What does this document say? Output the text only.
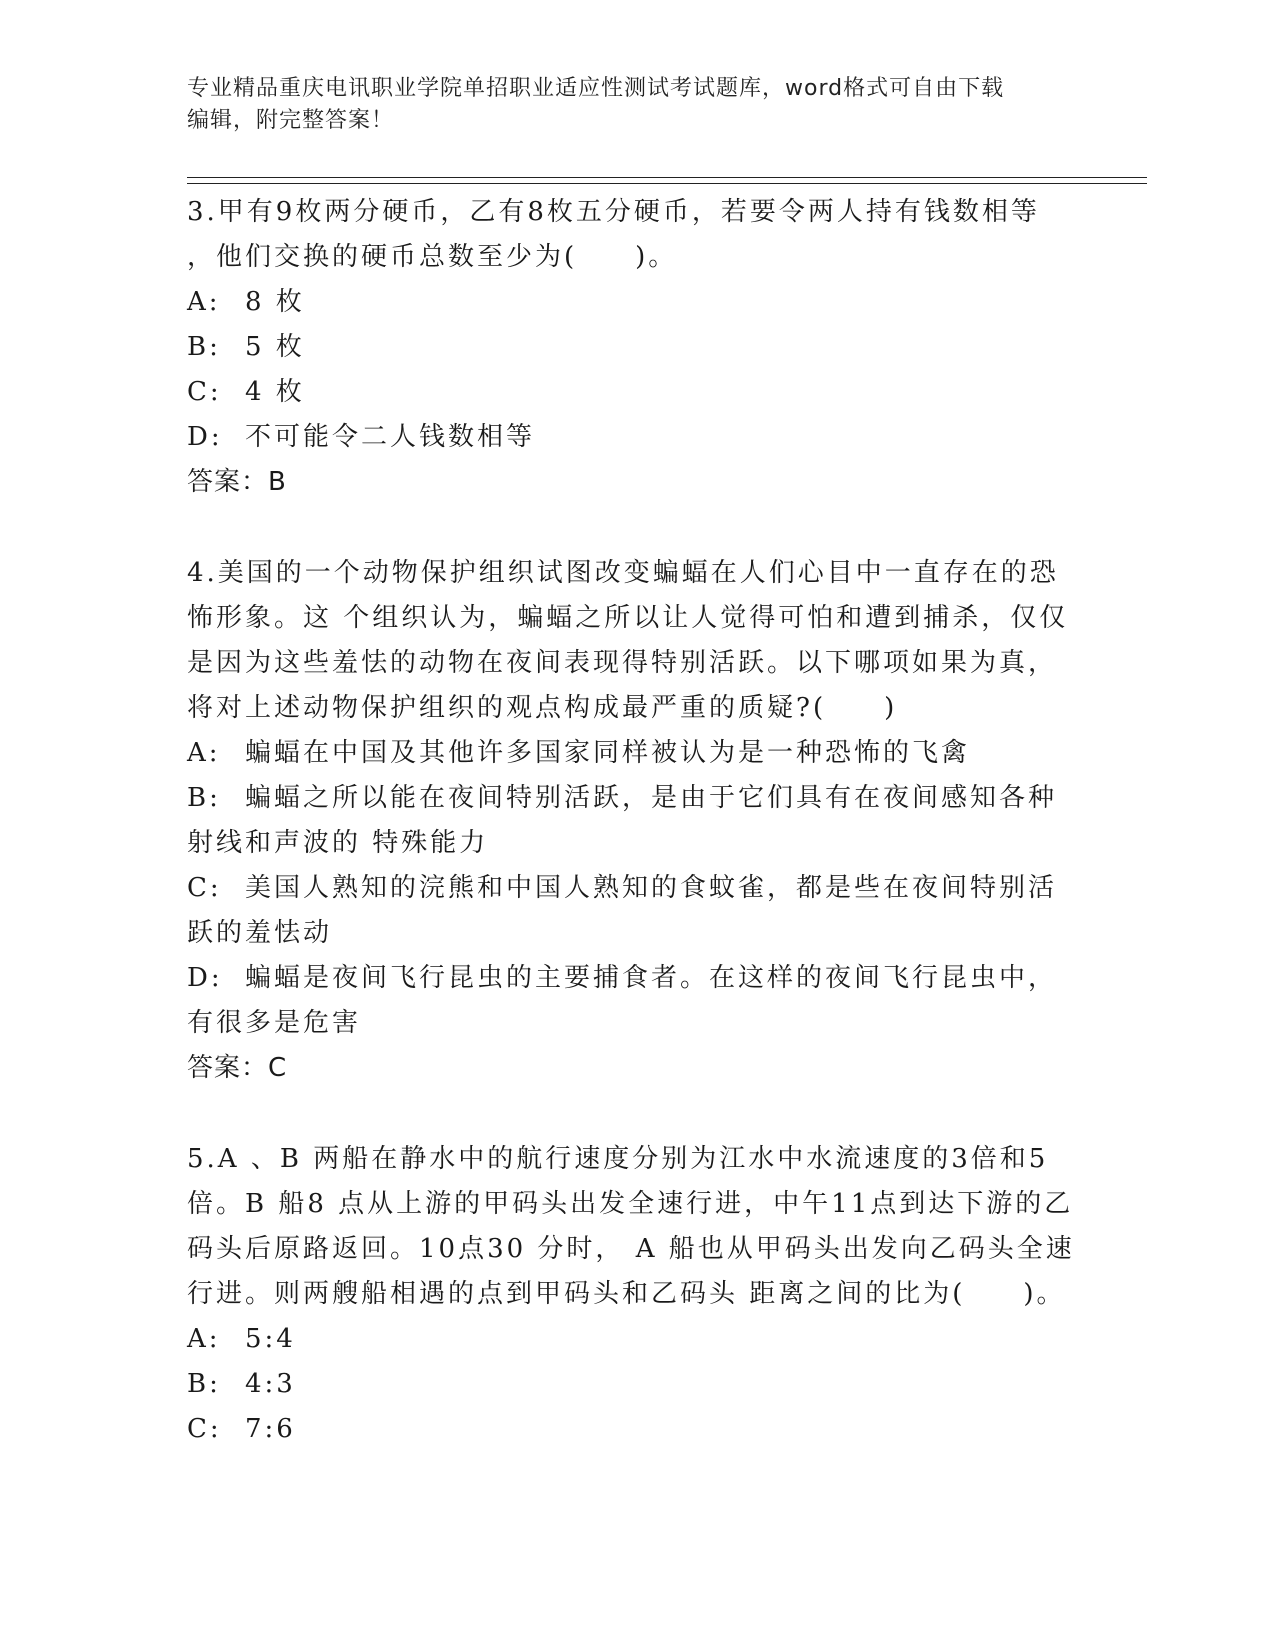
专业精品重庆电讯职业学院单招职业适应性测试考试题库，word格式可自由下载
编辑，附完整答案！

3.甲有9枚两分硬币，乙有8枚五分硬币，若要令两人持有钱数相等

，他们交换的硬币总数至少为(　　)。

A: 8 枚
B: 5 枚
C: 4 枚
D: 不可能令二人钱数相等

答案：B

4.美国的一个动物保护组织试图改变蝙蝠在人们心目中一直存在的恐

怖形象。这 个组织认为，蝙蝠之所以让人觉得可怕和遭到捕杀，仅仅

是因为这些羞怯的动物在夜间表现得特别活跃。以下哪项如果为真，

将对上述动物保护组织的观点构成最严重的质疑?(　　)

A: 蝙蝠在中国及其他许多国家同样被认为是一种恐怖的飞禽
B: 蝙蝠之所以能在夜间特别活跃，是由于它们具有在夜间感知各种

射线和声波的 特殊能力

C: 美国人熟知的浣熊和中国人熟知的食蚊雀，都是些在夜间特别活

跃的羞怯动

D: 蝙蝠是夜间飞行昆虫的主要捕食者。在这样的夜间飞行昆虫中，

有很多是危害

答案：C

5.A 、B 两船在静水中的航行速度分别为江水中水流速度的3倍和5

倍。B 船8 点从上游的甲码头出发全速行进，中午11点到达下游的乙

码头后原路返回。10点30 分时， A 船也从甲码头出发向乙码头全速

行进。则两艘船相遇的点到甲码头和乙码头 距离之间的比为(　　)。

A: 5:4
B: 4:3
C: 7:6
